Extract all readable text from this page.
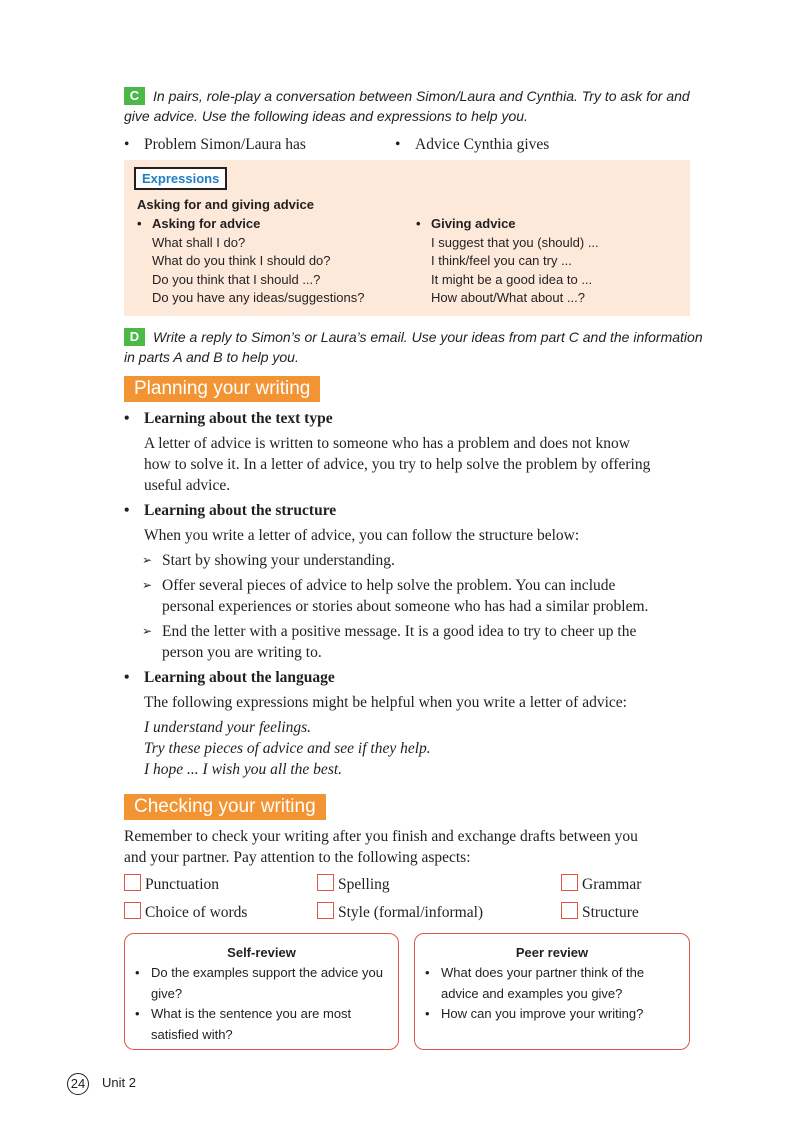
C In pairs, role-play a conversation between Simon/Laura and Cynthia. Try to ask for and
give advice. Use the following ideas and expressions to help you.
• Problem Simon/Laura has	• Advice Cynthia gives
Expressions
Asking for and giving advice
• Asking for advice
What shall I do?
What do you think I should do?
Do you think that I should ...?
Do you have any ideas/suggestions?
• Giving advice
I suggest that you (should) ...
I think/feel you can try ...
It might be a good idea to ...
How about/What about ...?
D Write a reply to Simon’s or Laura’s email. Use your ideas from part C and the information
in parts A and B to help you.
Planning your writing
• Learning about the text type
A letter of advice is written to someone who has a problem and does not know
how to solve it. In a letter of advice, you try to help solve the problem by offering
useful advice.
• Learning about the structure
When you write a letter of advice, you can follow the structure below:
➢ Start by showing your understanding.
➢ Offer several pieces of advice to help solve the problem. You can include
personal experiences or stories about someone who has had a similar problem.
➢ End the letter with a positive message. It is a good idea to try to cheer up the
person you are writing to.
• Learning about the language
The following expressions might be helpful when you write a letter of advice:
I understand your feelings.
Try these pieces of advice and see if they help.
I hope ... I wish you all the best.
Checking your writing
Remember to check your writing after you finish and exchange drafts between you
and your partner. Pay attention to the following aspects:
Punctuation	Spelling	Grammar
Choice of words	Style (formal/informal)	Structure
Self-review
• Do the examples support the advice you
give?
• What is the sentence you are most
satisfied with?
Peer review
• What does your partner think of the
advice and examples you give?
• How can you improve your writing?
24 Unit 2
